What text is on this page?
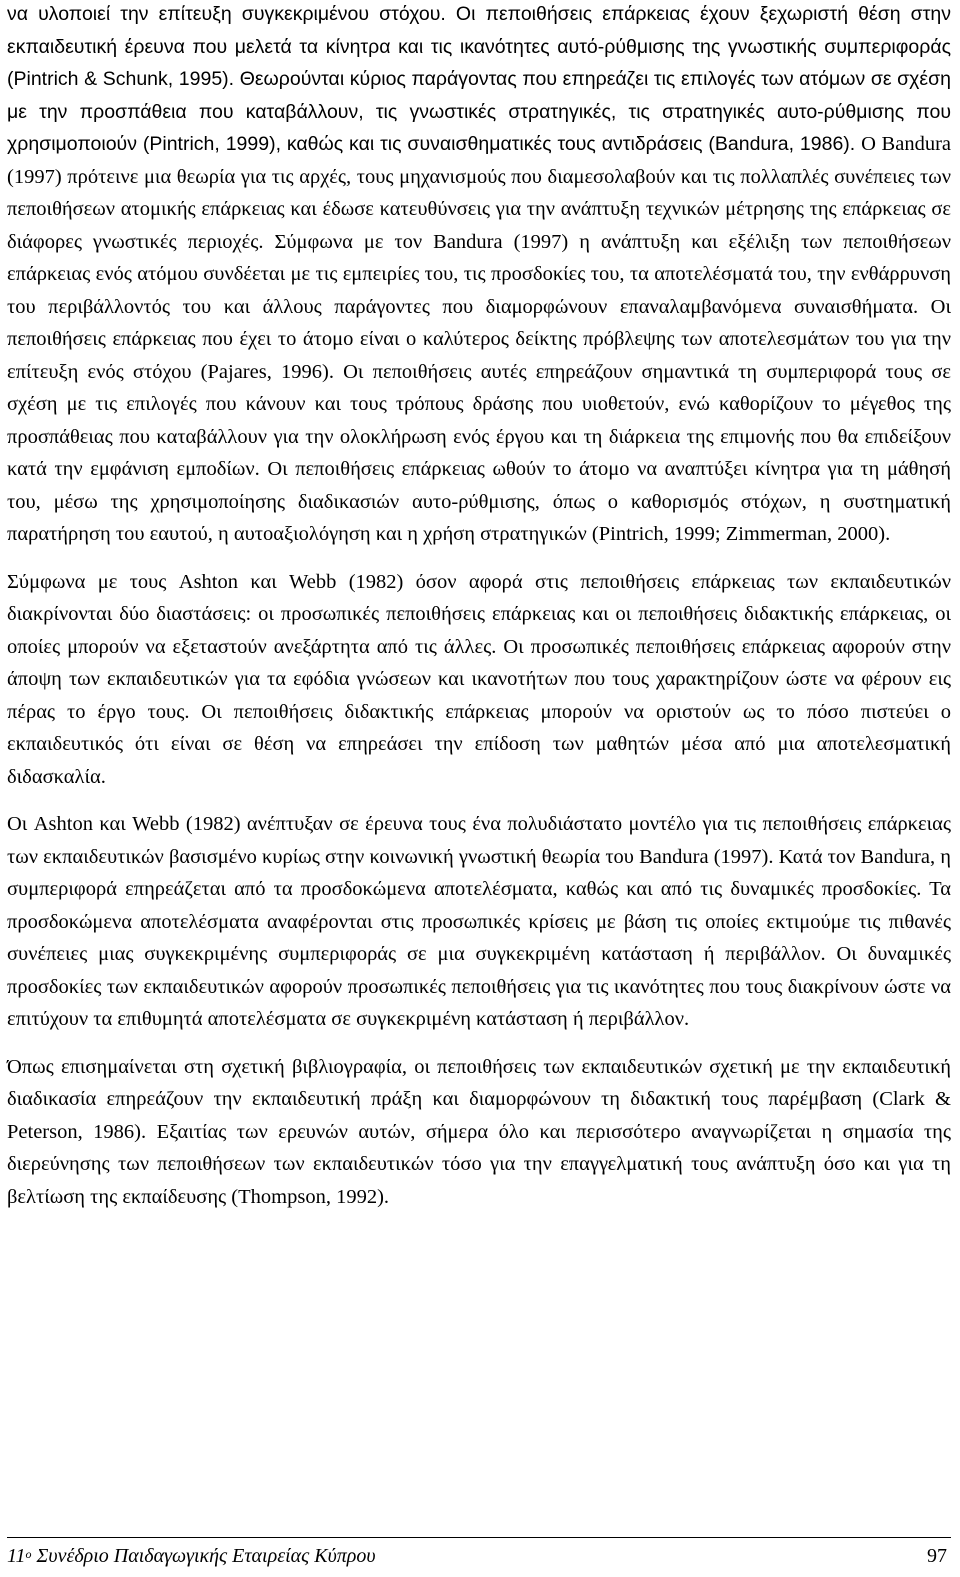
να υλοποιεί την επίτευξη συγκεκριμένου στόχου. Οι πεποιθήσεις επάρκειας έχουν ξεχωριστή θέση στην εκπαιδευτική έρευνα που μελετά τα κίνητρα και τις ικανότητες αυτό-ρύθμισης της γνωστικής συμπεριφοράς (Pintrich & Schunk, 1995). Θεωρούνται κύριος παράγοντας που επηρεάζει τις επιλογές των ατόμων σε σχέση με την προσπάθεια που καταβάλλουν, τις γνωστικές στρατηγικές, τις στρατηγικές αυτο-ρύθμισης που χρησιμοποιούν (Pintrich, 1999), καθώς και τις συναισθηματικές τους αντιδράσεις (Bandura, 1986). Ο Bandura (1997) πρότεινε μια θεωρία για τις αρχές, τους μηχανισμούς που διαμεσολαβούν και τις πολλαπλές συνέπειες των πεποιθήσεων ατομικής επάρκειας και έδωσε κατευθύνσεις για την ανάπτυξη τεχνικών μέτρησης της επάρκειας σε διάφορες γνωστικές περιοχές. Σύμφωνα με τον Bandura (1997) η ανάπτυξη και εξέλιξη των πεποιθήσεων επάρκειας ενός ατόμου συνδέεται με τις εμπειρίες του, τις προσδοκίες του, τα αποτελέσματά του, την ενθάρρυνση του περιβάλλοντός του και άλλους παράγοντες που διαμορφώνουν επαναλαμβανόμενα συναισθήματα. Οι πεποιθήσεις επάρκειας που έχει το άτομο είναι ο καλύτερος δείκτης πρόβλεψης των αποτελεσμάτων του για την επίτευξη ενός στόχου (Pajares, 1996). Οι πεποιθήσεις αυτές επηρεάζουν σημαντικά τη συμπεριφορά τους σε σχέση με τις επιλογές που κάνουν και τους τρόπους δράσης που υιοθετούν, ενώ καθορίζουν το μέγεθος της προσπάθειας που καταβάλλουν για την ολοκλήρωση ενός έργου και τη διάρκεια της επιμονής που θα επιδείξουν κατά την εμφάνιση εμποδίων. Οι πεποιθήσεις επάρκειας ωθούν το άτομο να αναπτύξει κίνητρα για τη μάθησή του, μέσω της χρησιμοποίησης διαδικασιών αυτο-ρύθμισης, όπως ο καθορισμός στόχων, η συστηματική παρατήρηση του εαυτού, η αυτοαξιολόγηση και η χρήση στρατηγικών (Pintrich, 1999; Zimmerman, 2000).

Σύμφωνα με τους Ashton και Webb (1982) όσον αφορά στις πεποιθήσεις επάρκειας των εκπαιδευτικών διακρίνονται δύο διαστάσεις: οι προσωπικές πεποιθήσεις επάρκειας και οι πεποιθήσεις διδακτικής επάρκειας, οι οποίες μπορούν να εξεταστούν ανεξάρτητα από τις άλλες. Οι προσωπικές πεποιθήσεις επάρκειας αφορούν στην άποψη των εκπαιδευτικών για τα εφόδια γνώσεων και ικανοτήτων που τους χαρακτηρίζουν ώστε να φέρουν εις πέρας το έργο τους. Οι πεποιθήσεις διδακτικής επάρκειας μπορούν να οριστούν ως το πόσο πιστεύει ο εκπαιδευτικός ότι είναι σε θέση να επηρεάσει την επίδοση των μαθητών μέσα από μια αποτελεσματική διδασκαλία.

Οι Ashton και Webb (1982) ανέπτυξαν σε έρευνα τους ένα πολυδιάστατο μοντέλο για τις πεποιθήσεις επάρκειας των εκπαιδευτικών βασισμένο κυρίως στην κοινωνική γνωστική θεωρία του Bandura (1997). Κατά τον Bandura, η συμπεριφορά επηρεάζεται από τα προσδοκώμενα αποτελέσματα, καθώς και από τις δυναμικές προσδοκίες. Τα προσδοκώμενα αποτελέσματα αναφέρονται στις προσωπικές κρίσεις με βάση τις οποίες εκτιμούμε τις πιθανές συνέπειες μιας συγκεκριμένης συμπεριφοράς σε μια συγκεκριμένη κατάσταση ή περιβάλλον. Οι δυναμικές προσδοκίες των εκπαιδευτικών αφορούν προσωπικές πεποιθήσεις για τις ικανότητες που τους διακρίνουν ώστε να επιτύχουν τα επιθυμητά αποτελέσματα σε συγκεκριμένη κατάσταση ή περιβάλλον.

Όπως επισημαίνεται στη σχετική βιβλιογραφία, οι πεποιθήσεις των εκπαιδευτικών σχετική με την εκπαιδευτική διαδικασία επηρεάζουν την εκπαιδευτική πράξη και διαμορφώνουν τη διδακτική τους παρέμβαση (Clark & Peterson, 1986). Εξαιτίας των ερευνών αυτών, σήμερα όλο και περισσότερο αναγνωρίζεται η σημασία της διερεύνησης των πεποιθήσεων των εκπαιδευτικών τόσο για την επαγγελματική τους ανάπτυξη όσο και για τη βελτίωση της εκπαίδευσης (Thompson, 1992).

$11^o$ Συνέδριο Παιδαγωγικής Εταιρείας Κύπρου	97
